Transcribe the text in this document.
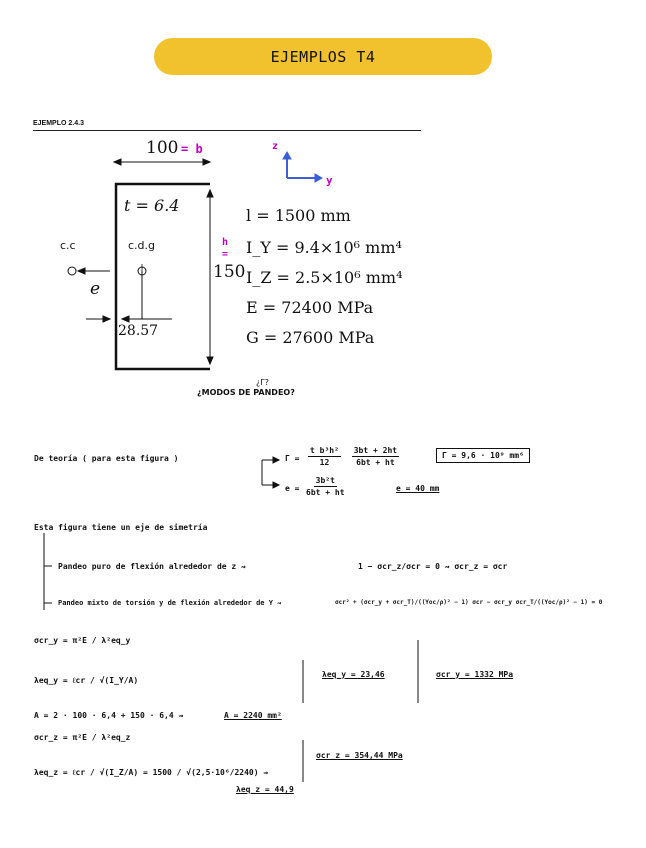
EJEMPLOS T4
EJEMPLO 2.4.3
100 = b	z
y
t = 6.4
c.c	c.d.g
e
h
=
150
28.57
l = 1500 mm
I_Y = 9.4×10⁶ mm⁴
I_Z = 2.5×10⁶ mm⁴
E = 72400 MPa
G = 27600 MPa
¿Γ?
¿MODOS DE PANDEO?
De teoría ( para esta figura )	$\Gamma = \frac{\text{t b³h²}}{12}$
$\frac{3bt + 2ht}{6bt + ht}$	Γ = 9,6 · 10⁹ mm⁶
$e = \frac{\text{3b²t}}{6bt + ht}$	e = 40 mm
Esta figura tiene un eje de simetría
Pandeo puro de flexión alrededor de z ⇝	1 − σcr_z/σcr = 0 ⇝ σcr_z = σcr
Pandeo mixto de torsión y de flexión alrededor de Y ⇝	σcr² + (σcr_y + σcr_T)/((Yoc/ρ)² − 1) σcr − σcr_y σcr_T/((Yoc/ρ)² − 1) = 0
σcr_y = π²E / λ²eq_y
λeq_y = ℓcr / √(I_Y/A)
A = 2 · 100 · 6,4 + 150 · 6,4 ⇝	A = 2240 mm²
λeq_y = 23,46	σcr_y = 1332 MPa
σcr_z = π²E / λ²eq_z
λeq_z = ℓcr / √(I_Z/A) = 1500 / √(2,5·10⁶/2240) ⇝
λeq_z = 44,9
σcr_z = 354,44 MPa
